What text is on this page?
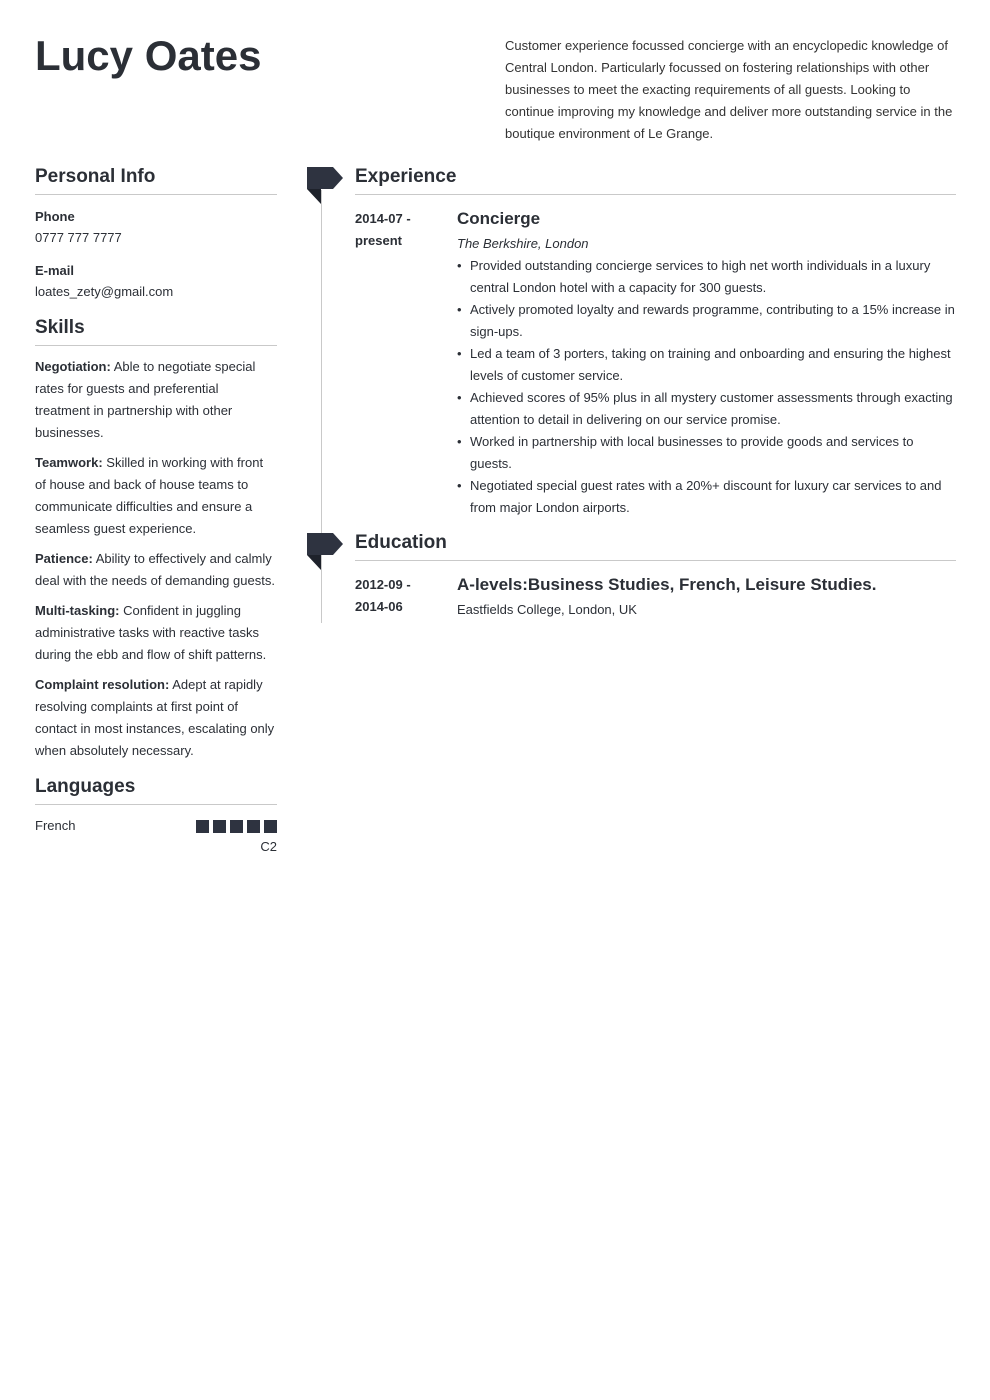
Lucy Oates	Customer experience focussed concierge with an encyclopedic knowledge of Central London. Particularly focussed on fostering relationships with other businesses to meet the exacting requirements of all guests. Looking to continue improving my knowledge and deliver more outstanding service in the boutique environment of Le Grange.
Personal Info
Phone
0777 777 7777
E-mail
loates_zety@gmail.com
Skills
Negotiation: Able to negotiate special rates for guests and preferential treatment in partnership with other businesses.
Teamwork: Skilled in working with front of house and back of house teams to communicate difficulties and ensure a seamless guest experience.
Patience: Ability to effectively and calmly deal with the needs of demanding guests.
Multi-tasking: Confident in juggling administrative tasks with reactive tasks during the ebb and flow of shift patterns.
Complaint resolution: Adept at rapidly resolving complaints at first point of contact in most instances, escalating only when absolutely necessary.
Languages
French
C2
Experience
2014-07 -
present
Concierge
The Berkshire, London
• Provided outstanding concierge services to high net worth individuals in a luxury central London hotel with a capacity for 300 guests.
• Actively promoted loyalty and rewards programme, contributing to a 15% increase in sign-ups.
• Led a team of 3 porters, taking on training and onboarding and ensuring the highest levels of customer service.
• Achieved scores of 95% plus in all mystery customer assessments through exacting attention to detail in delivering on our service promise.
• Worked in partnership with local businesses to provide goods and services to guests.
• Negotiated special guest rates with a 20%+ discount for luxury car services to and from major London airports.
Education
2012-09 -
2014-06
A-levels:Business Studies, French, Leisure Studies.
Eastfields College, London, UK
